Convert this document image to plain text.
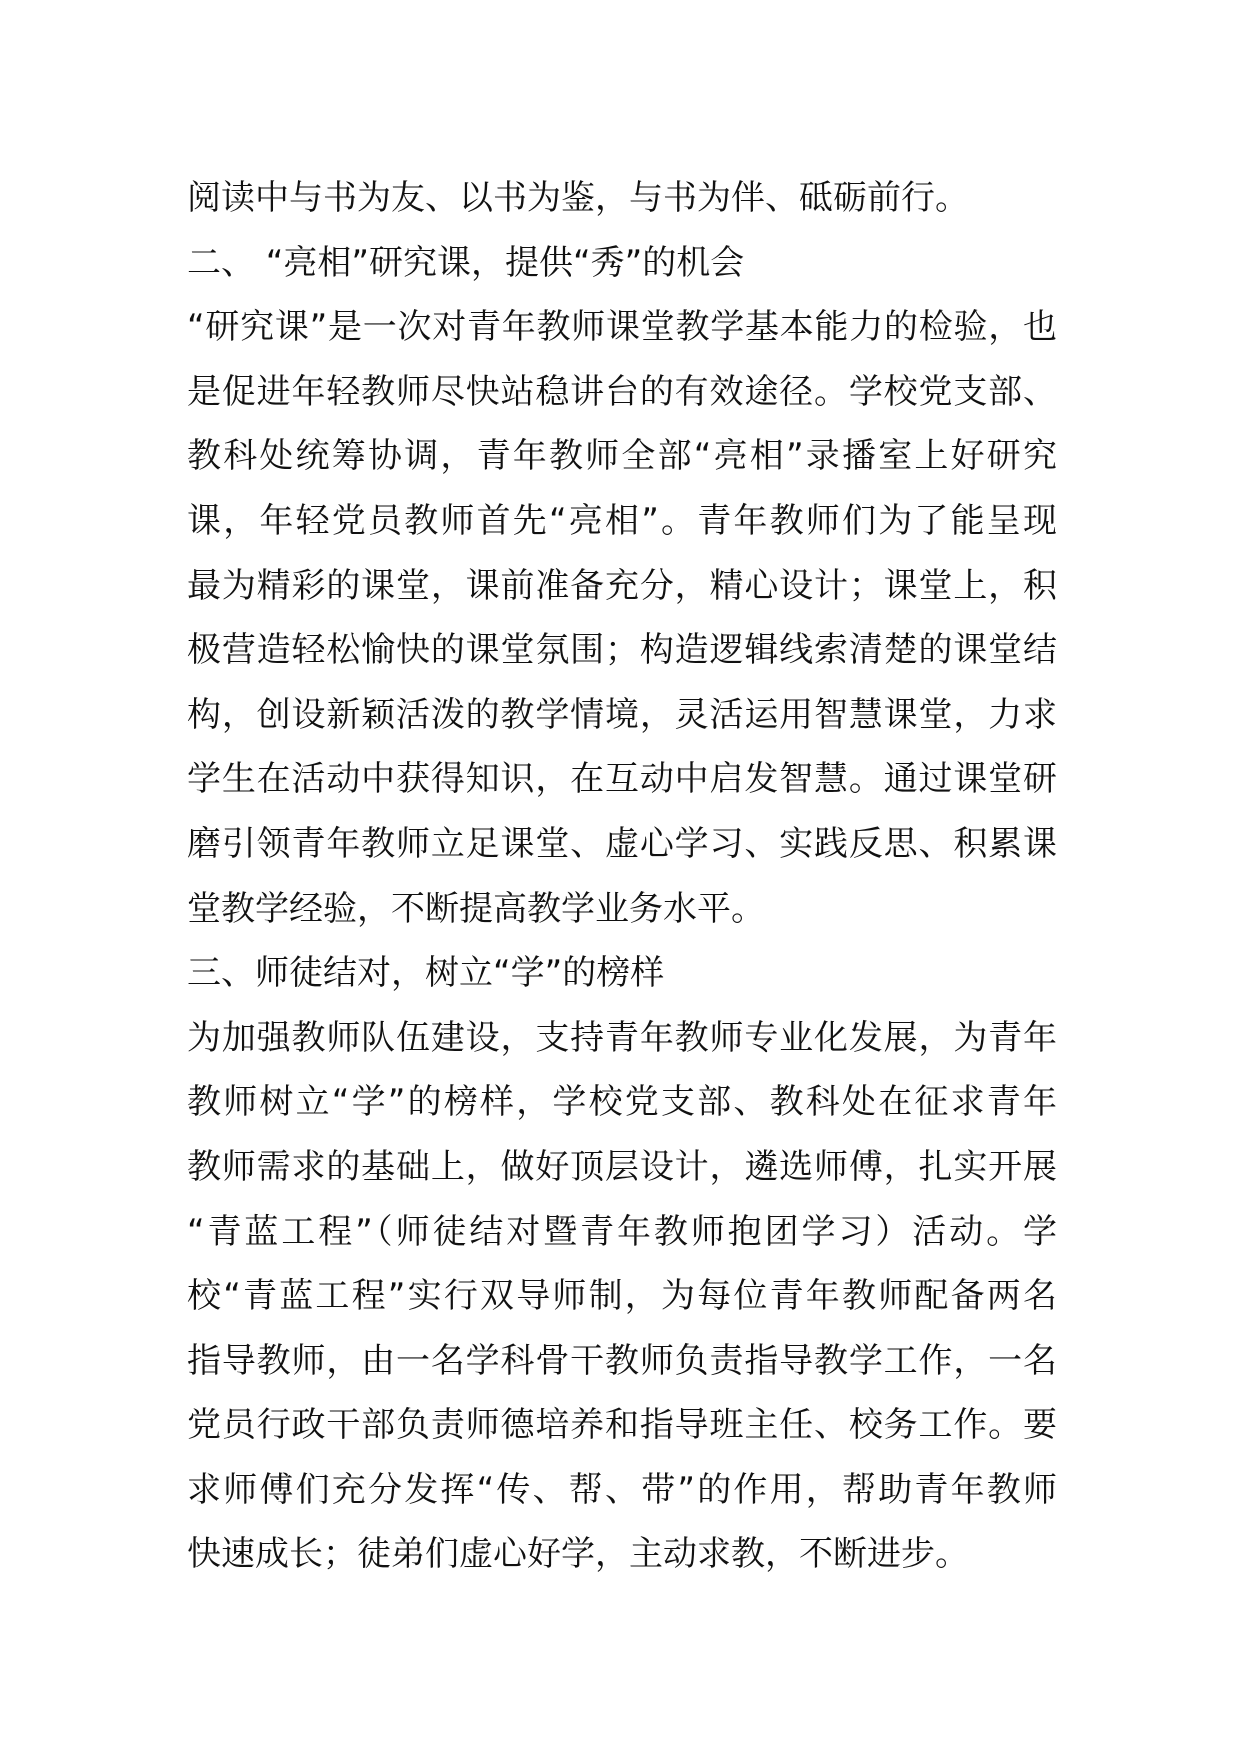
阅读中与书为友、以书为鉴，与书为伴、砥砺前行。
二、 “亮相”研究课，提供“秀”的机会
“研究课”是一次对青年教师课堂教学基本能力的检验，也
是促进年轻教师尽快站稳讲台的有效途径。学校党支部、
教科处统筹协调，青年教师全部“亮相”录播室上好研究
课，年轻党员教师首先“亮相”。青年教师们为了能呈现
最为精彩的课堂，课前准备充分，精心设计；课堂上，积
极营造轻松愉快的课堂氛围；构造逻辑线索清楚的课堂结
构，创设新颖活泼的教学情境，灵活运用智慧课堂，力求
学生在活动中获得知识，在互动中启发智慧。通过课堂研
磨引领青年教师立足课堂、虚心学习、实践反思、积累课
堂教学经验，不断提高教学业务水平。
三、师徒结对，树立“学”的榜样
为加强教师队伍建设，支持青年教师专业化发展，为青年
教师树立“学”的榜样，学校党支部、教科处在征求青年
教师需求的基础上，做好顶层设计，遴选师傅，扎实开展
“青蓝工程”（师徒结对暨青年教师抱团学习）活动。学
校“青蓝工程”实行双导师制，为每位青年教师配备两名
指导教师，由一名学科骨干教师负责指导教学工作，一名
党员行政干部负责师德培养和指导班主任、校务工作。要
求师傅们充分发挥“传、帮、带”的作用，帮助青年教师
快速成长；徒弟们虚心好学，主动求教，不断进步。
